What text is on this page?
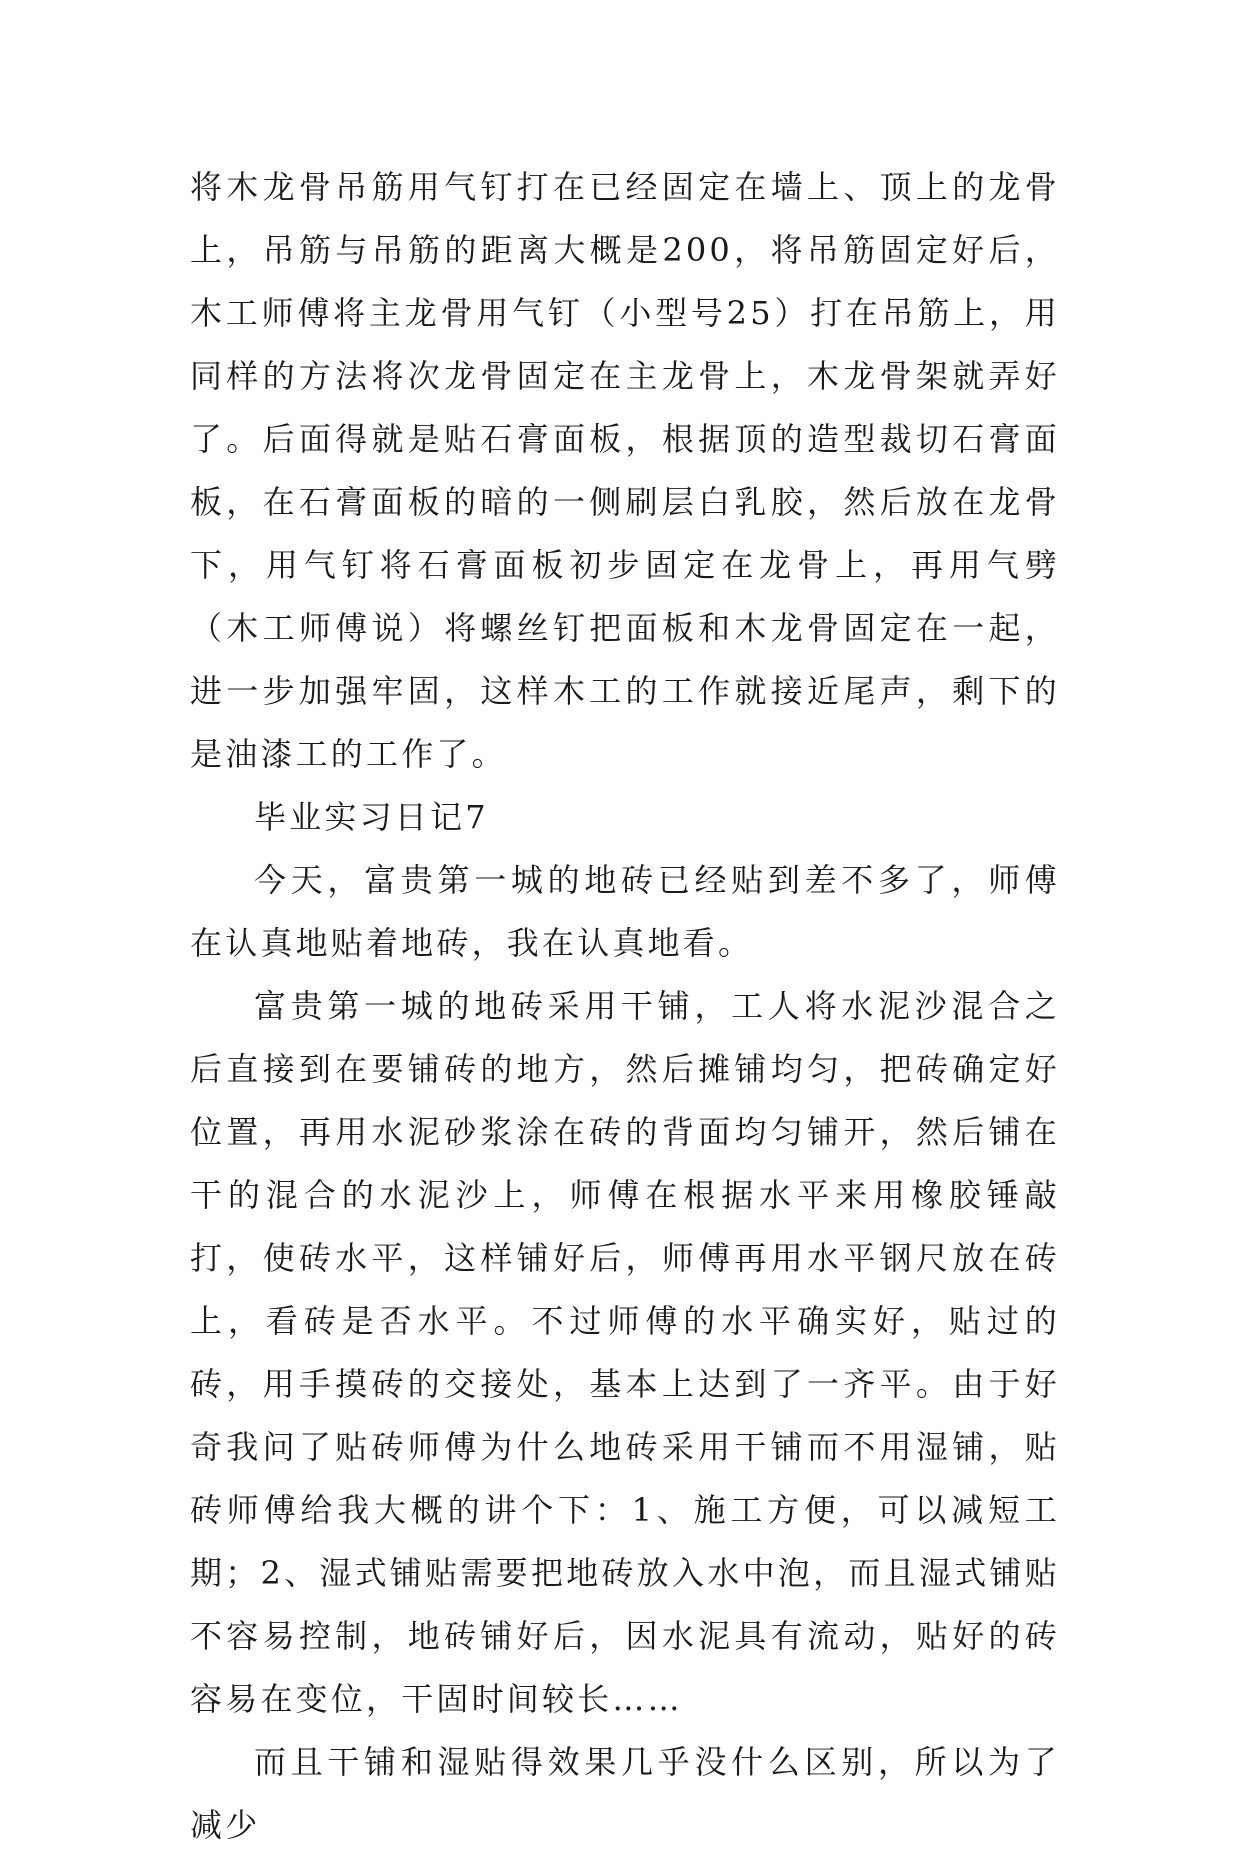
将木龙骨吊筋用气钉打在已经固定在墙上、顶上的龙骨上，吊筋与吊筋的距离大概是200，将吊筋固定好后，木工师傅将主龙骨用气钉（小型号25）打在吊筋上，用同样的方法将次龙骨固定在主龙骨上，木龙骨架就弄好了。后面得就是贴石膏面板，根据顶的造型裁切石膏面板，在石膏面板的暗的一侧刷层白乳胶，然后放在龙骨下，用气钉将石膏面板初步固定在龙骨上，再用气劈（木工师傅说）将螺丝钉把面板和木龙骨固定在一起，进一步加强牢固，这样木工的工作就接近尾声，剩下的是油漆工的工作了。

毕业实习日记7

今天，富贵第一城的地砖已经贴到差不多了，师傅在认真地贴着地砖，我在认真地看。

富贵第一城的地砖采用干铺，工人将水泥沙混合之后直接到在要铺砖的地方，然后摊铺均匀，把砖确定好位置，再用水泥砂浆涂在砖的背面均匀铺开，然后铺在干的混合的水泥沙上，师傅在根据水平来用橡胶锤敲打，使砖水平，这样铺好后，师傅再用水平钢尺放在砖上，看砖是否水平。不过师傅的水平确实好，贴过的砖，用手摸砖的交接处，基本上达到了一齐平。由于好奇我问了贴砖师傅为什么地砖采用干铺而不用湿铺，贴砖师傅给我大概的讲个下：1、施工方便，可以减短工期；2、湿式铺贴需要把地砖放入水中泡，而且湿式铺贴不容易控制，地砖铺好后，因水泥具有流动，贴好的砖容易在变位，干固时间较长……

而且干铺和湿贴得效果几乎没什么区别，所以为了减少
